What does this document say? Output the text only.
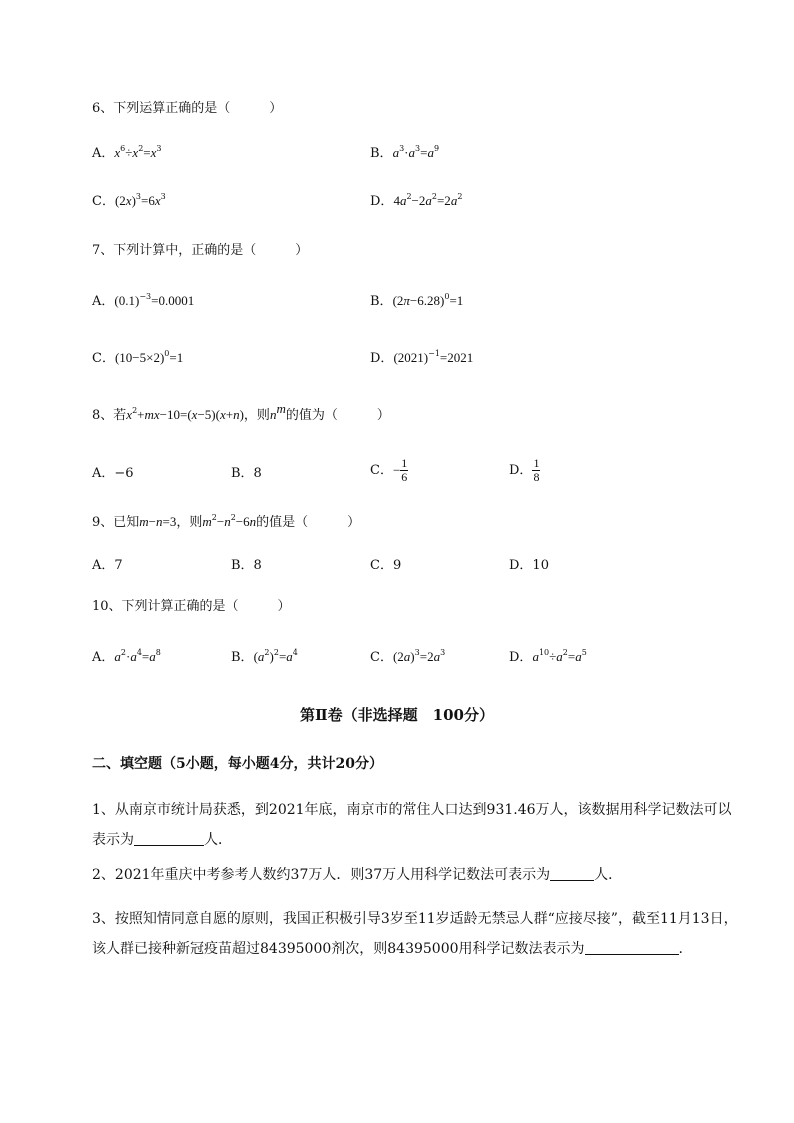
6、下列运算正确的是（　　　）
A．$x^6\div x^2=x^3$	B．$a^3\cdot a^3=a^9$
C．$(2x)^3=6x^3$	D．$4a^2-2a^2=2a^2$
7、下列计算中，正确的是（　　　）
A．$(0.1)^{-3}=0.0001$	B．$(2\pi-6.28)^0=1$
C．$(10-5\times 2)^0=1$	D．$(2021)^{-1}=2021$
8、若$x^2+mx-10=(x-5)(x+n)$，则$n^m$的值为（　　　）
A．−6	B．8	C．− $\frac{1}{6}$	D． $\frac{1}{8}$
9、已知m−n=3，则$m^2-n^2-6n$的值是（　　　）
A．7	B．8	C．9	D．10
10、下列计算正确的是（　　　）
A．$a^2\cdot a^4=a^8$	B．$(a^2)^2=a^4$	C．$(2a)^3=2a^3$	D．$a^{10}\div a^2=a^5$
第Ⅱ卷（非选择题　100分）
二、填空题（5小题，每小题4分，共计20分）
1、从南京市统计局获悉，到2021年底，南京市的常住人口达到931.46万人，该数据用科学记数法可以表示为	人．
2、2021年重庆中考参考人数约37万人．则37万人用科学记数法可表示为	人．
3、按照知情同意自愿的原则，我国正积极引导3岁至11岁适龄无禁忌人群“应接尽接”，截至11月13日，该人群已接种新冠疫苗超过84395000剂次，则84395000用科学记数法表示为	.
